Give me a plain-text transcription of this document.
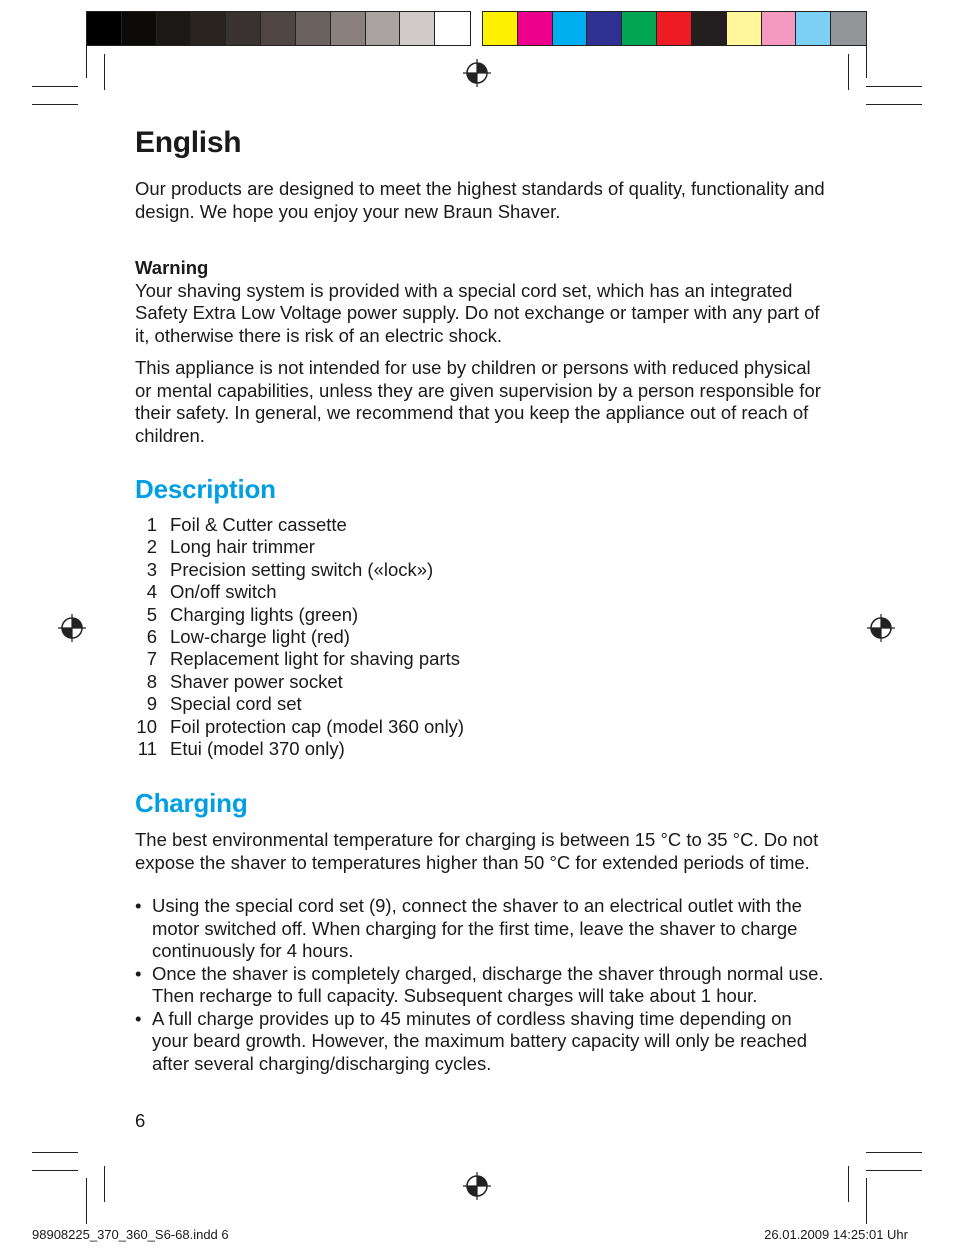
English

Our products are designed to meet the highest standards of quality, functionality and design. We hope you enjoy your new Braun Shaver.

Warning
Your shaving system is provided with a special cord set, which has an integrated Safety Extra Low Voltage power supply. Do not exchange or tamper with any part of it, otherwise there is risk of an electric shock.

This appliance is not intended for use by children or persons with reduced physical or mental capabilities, unless they are given supervision by a person responsible for their safety. In general, we recommend that you keep the appliance out of reach of children.

Description
1 Foil & Cutter cassette
2 Long hair trimmer
3 Precision setting switch («lock»)
4 On/off switch
5 Charging lights (green)
6 Low-charge light (red)
7 Replacement light for shaving parts
8 Shaver power socket
9 Special cord set
10 Foil protection cap (model 360 only)
11 Etui (model 370 only)
Charging

The best environmental temperature for charging is between 15 °C to 35 °C. Do not expose the shaver to temperatures higher than 50 °C for extended periods of time.

• Using the special cord set (9), connect the shaver to an electrical outlet with the motor switched off. When charging for the first time, leave the shaver to charge continuously for 4 hours.
• Once the shaver is completely charged, discharge the shaver through normal use. Then recharge to full capacity. Subsequent charges will take about 1 hour.
• A full charge provides up to 45 minutes of cordless shaving time depending on your beard growth. However, the maximum battery capacity will only be reached after several charging/discharging cycles.
6
98908225_370_360_S6-68.indd 6	26.01.2009 14:25:01 Uhr
